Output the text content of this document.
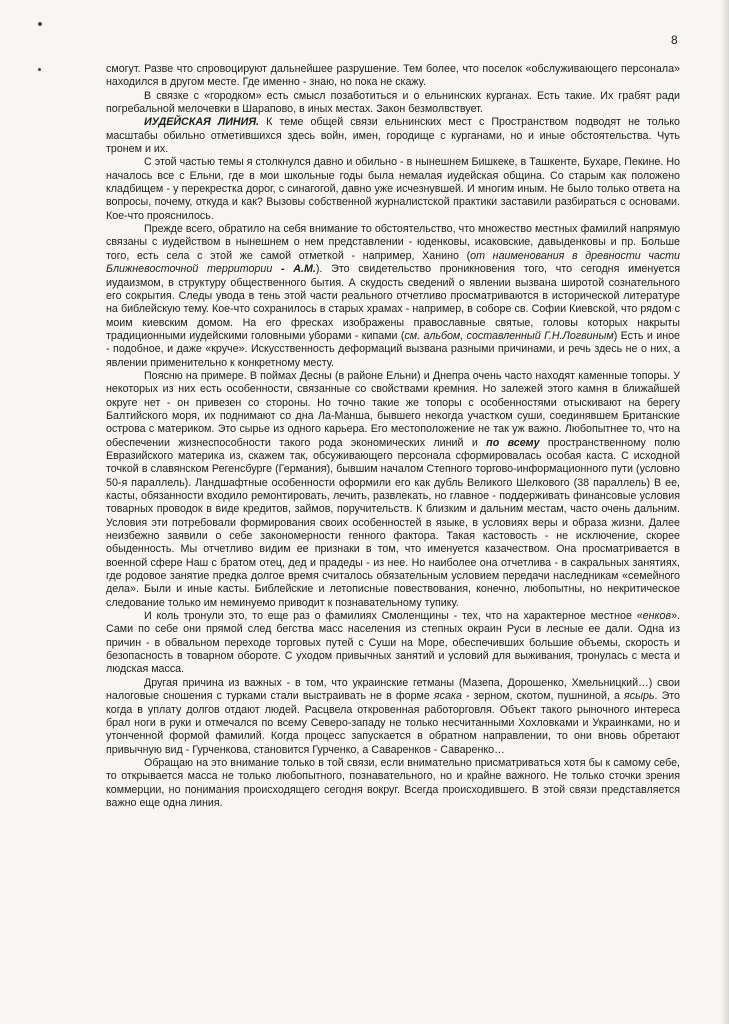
8

смогут. Разве что спровоцируют дальнейшее разрушение. Тем более, что поселок «обслуживающего персонала» находился в другом месте. Где именно - знаю, но пока не скажу.

В связке с «городком» есть смысл позаботиться и о ельнинских курганах. Есть такие. Их грабят ради погребальной мелочевки в Шарапово, в иных местах. Закон безмолвствует.

ИУДЕЙСКАЯ ЛИНИЯ. К теме общей связи ельнинских мест с Пространством подводят не только масштабы обильно отметившихся здесь войн, имен, городище с курганами, но и иные обстоятельства. Чуть тронем и их.

С этой частью темы я столкнулся давно и обильно - в нынешнем Бишкеке, в Ташкенте, Бухаре, Пекине. Но началось все с Ельни, где в мои школьные годы была немалая иудейская община. Со старым как положено кладбищем - у перекрестка дорог, с синагогой, давно уже исчезнувшей. И многим иным. Не было только ответа на вопросы, почему, откуда и как? Вызовы собственной журналистской практики заставили разбираться с основами. Кое-что прояснилось.

Прежде всего, обратило на себя внимание то обстоятельство, что множество местных фамилий напрямую связаны с иудейством в нынешнем о нем представлении - юденковы, исаковские, давыденковы и пр. Больше того, есть села с этой же самой отметкой - например, Ханино (от наименования в древности части Ближневосточной территории - А.М.). Это свидетельство проникновения того, что сегодня именуется иудаизмом, в структуру общественного бытия. А скудость сведений о явлении вызвана широтой сознательного его сокрытия. Следы увода в тень этой части реального отчетливо просматриваются в исторической литературе на библейскую тему. Кое-что сохранилось в старых храмах - например, в соборе св. Софии Киевской, что рядом с моим киевским домом. На его фресках изображены православные святые, головы которых накрыты традиционными иудейскими головными уборами - кипами (см. альбом, составленный Г.Н.Логвиным) Есть и иное - подобное, и даже «круче». Искусственность деформаций вызвана разными причинами, и речь здесь не о них, а явлении применительно к конкретному месту.

Поясню на примере. В поймах Десны (в районе Ельни) и Днепра очень часто находят каменные топоры. У некоторых из них есть особенности, связанные со свойствами кремния. Но залежей этого камня в ближайшей округе нет - он привезен со стороны. Но точно такие же топоры с особенностями отыскивают на берегу Балтийского моря, их поднимают со дна Ла-Манша, бывшего некогда участком суши, соединявшем Британские острова с материком. Это сырье из одного карьера. Его местоположение не так уж важно. Любопытнее то, что на обеспечении жизнеспособности такого рода экономических линий и по всему пространственному полю Евразийского материка из, скажем так, обсуживающего персонала сформировалась особая каста. С исходной точкой в славянском Регенсбурге (Германия), бывшим началом Степного торгово-информационного пути (условно 50-я параллель). Ландшафтные особенности оформили его как дубль Великого Шелкового (38 параллель) В ее, касты, обязанности входило ремонтировать, лечить, развлекать, но главное - поддерживать финансовые условия товарных проводок в виде кредитов, займов, поручительств. К близким и дальним местам, часто очень дальним. Условия эти потребовали формирования своих особенностей в языке, в условиях веры и образа жизни. Далее неизбежно заявили о себе закономерности генного фактора. Такая кастовость - не исключение, скорее обыденность. Мы отчетливо видим ее признаки в том, что именуется казачеством. Она просматривается в военной сфере Наш с братом отец, дед и прадеды - из нее. Но наиболее она отчетлива - в сакральных занятиях, где родовое занятие предка долгое время считалось обязательным условием передачи наследникам «семейного дела». Были и иные касты. Библейские и летописные повествования, конечно, любопытны, но некритическое следование только им неминуемо приводит к познавательному тупику.

И коль тронули это, то еще раз о фамилиях Смоленщины - тех, что на характерное местное «енков». Сами по себе они прямой след бегства масс населения из степных окраин Руси в лесные ее дали. Одна из причин - в обвальном переходе торговых путей с Суши на Море, обеспечивших большие объемы, скорость и безопасность в товарном обороте. С уходом привычных занятий и условий для выживания, тронулась с места и людская масса.

Другая причина из важных - в том, что украинские гетманы (Мазепа, Дорошенко, Хмельницкий…) свои налоговые сношения с турками стали выстраивать не в форме ясака - зерном, скотом, пушниной, а ясырь. Это когда в уплату долгов отдают людей. Расцвела откровенная работорговля. Объект такого рыночного интереса брал ноги в руки и отмечался по всему Северо-западу не только несчитанными Хохловками и Украинками, но и утонченной формой фамилий. Когда процесс запускается в обратном направлении, то они вновь обретают привычную вид - Гурченкова, становится Гурченко, а Саваренков - Саваренко…

Обращаю на это внимание только в той связи, если внимательно присматриваться хотя бы к самому себе, то открывается масса не только любопытного, познавательного, но и крайне важного. Не только сточки зрения коммерции, но понимания происходящего сегодня вокруг. Всегда происходившего. В этой связи представляется важно еще одна линия.
